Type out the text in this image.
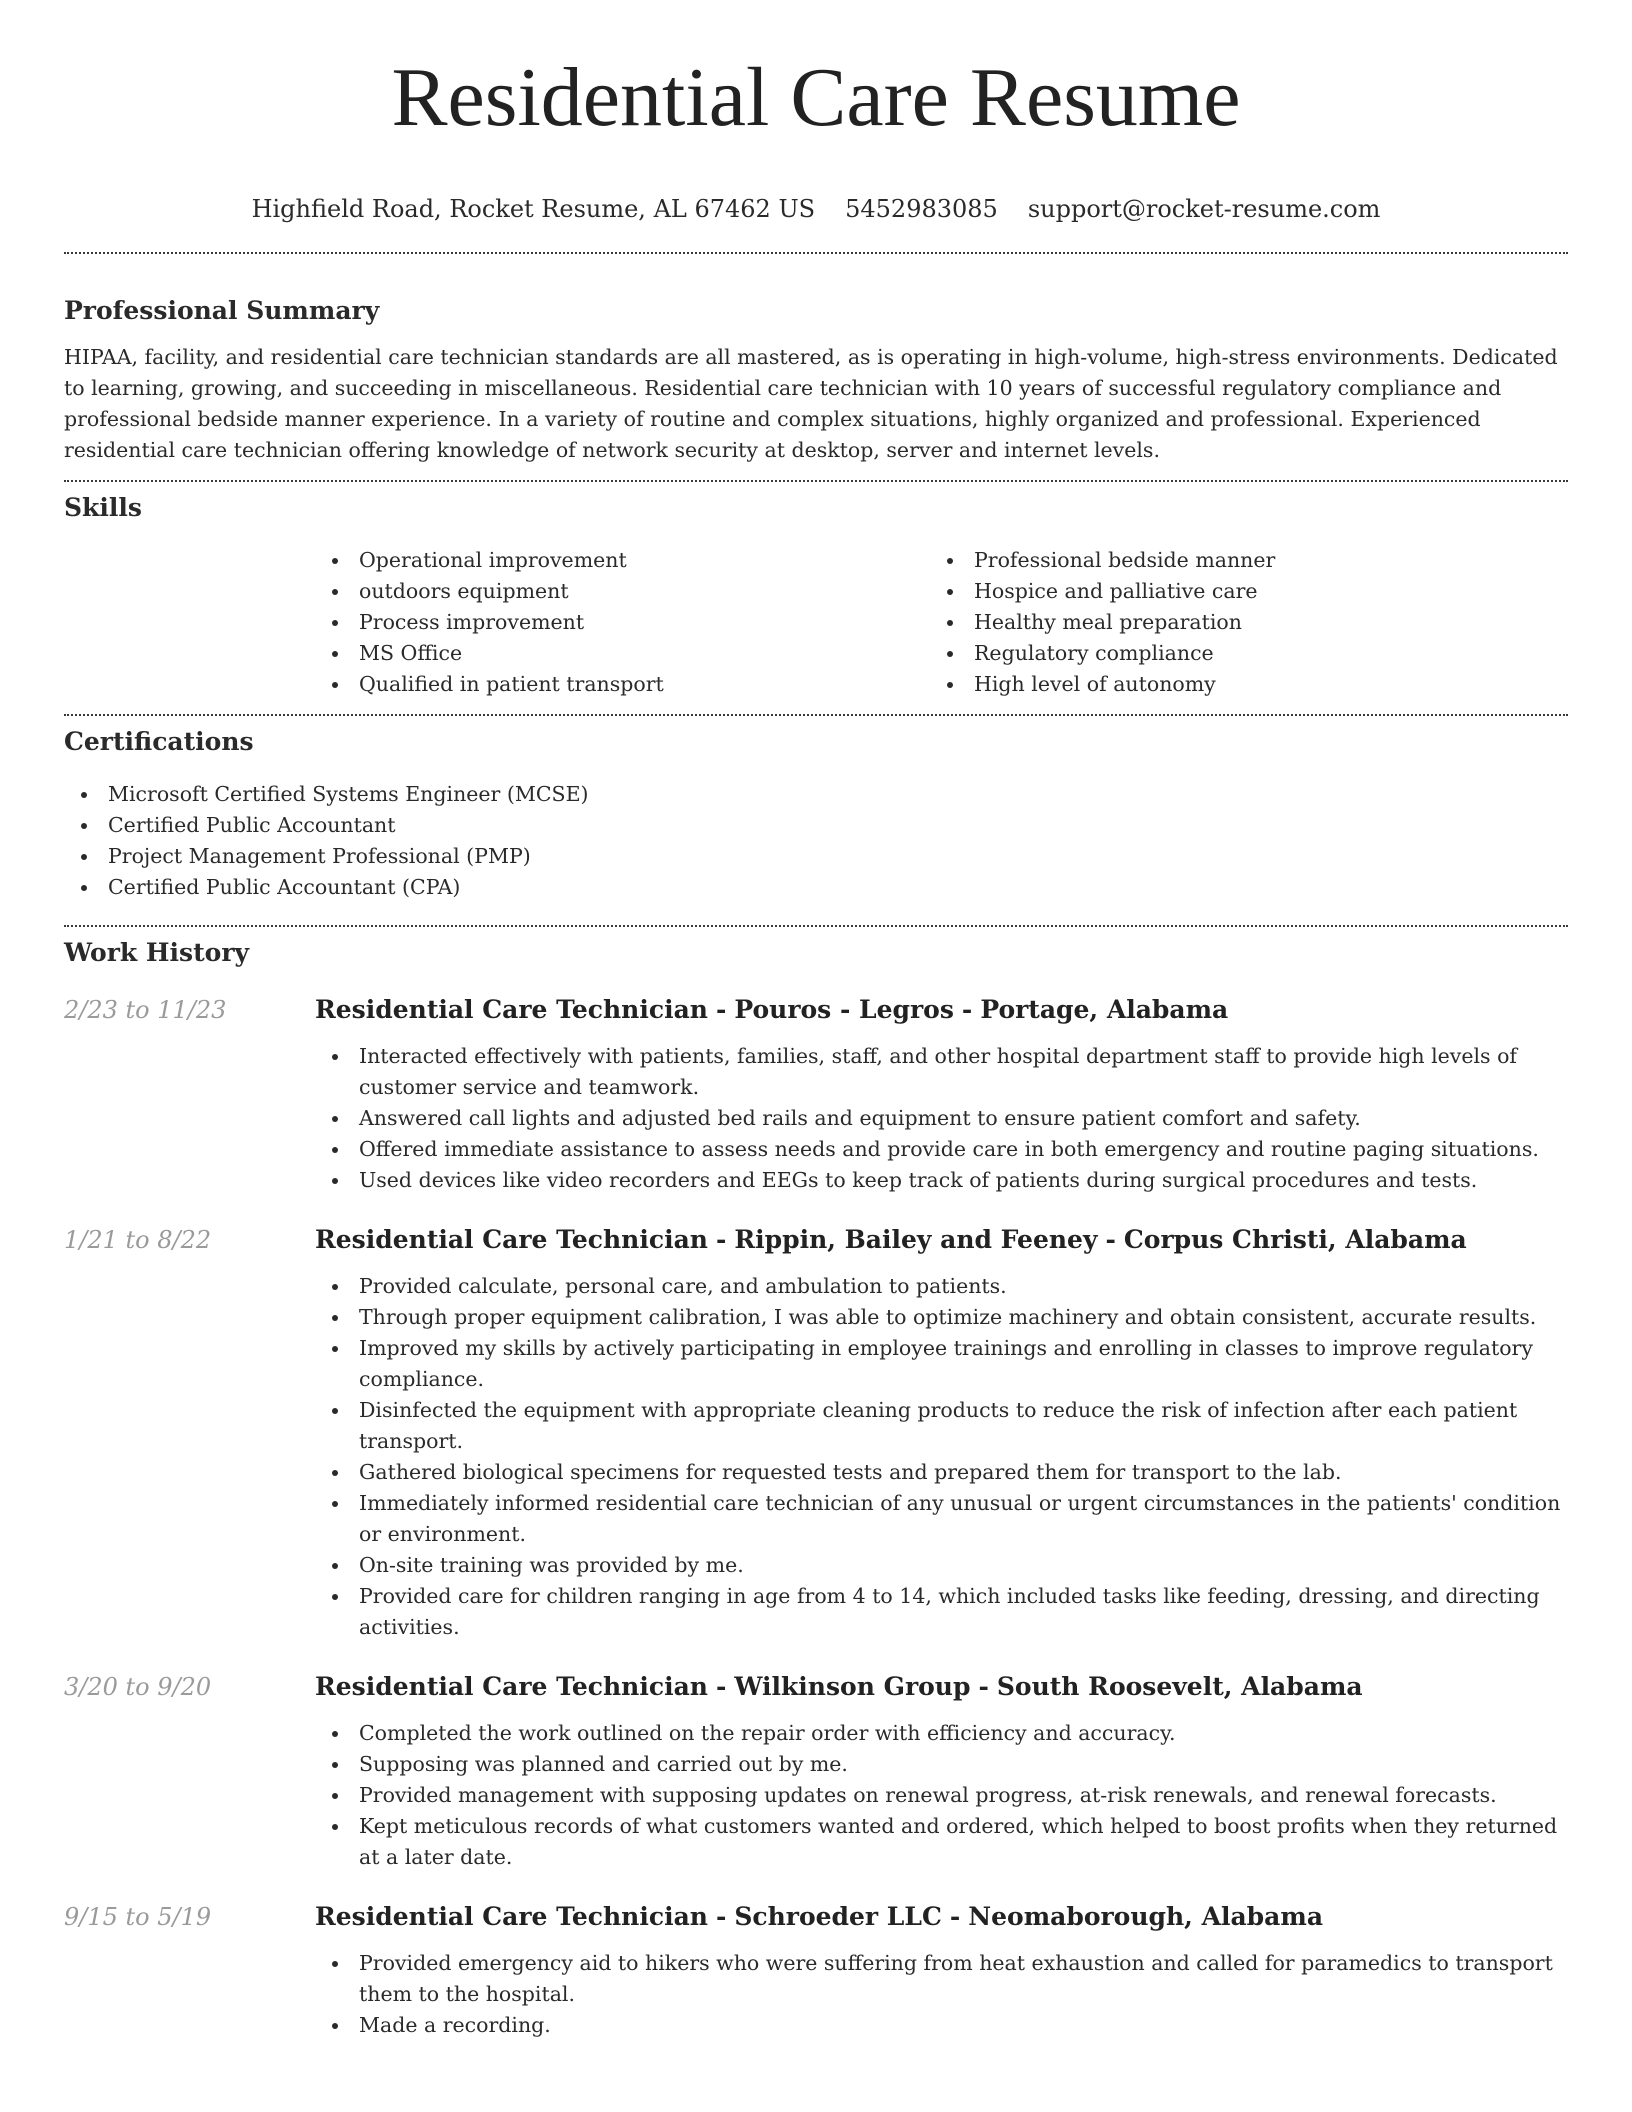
Residential Care Resume
Highfield Road, Rocket Resume, AL 67462 US 5452983085 support@rocket-resume.com
Professional Summary

HIPAA, facility, and residential care technician standards are all mastered, as is operating in high-volume, high-stress environments. Dedicated to learning, growing, and succeeding in miscellaneous. Residential care technician with 10 years of successful regulatory compliance and professional bedside manner experience. In a variety of routine and complex situations, highly organized and professional. Experienced residential care technician offering knowledge of network security at desktop, server and internet levels.

Skills
Operational improvement
outdoors equipment
Process improvement
MS Office
Qualified in patient transport
Professional bedside manner
Hospice and palliative care
Healthy meal preparation
Regulatory compliance
High level of autonomy
Certifications
Microsoft Certified Systems Engineer (MCSE)
Certified Public Accountant
Project Management Professional (PMP)
Certified Public Accountant (CPA)
Work History
2/23 to 11/23	Residential Care Technician - Pouros - Legros - Portage, Alabama
Interacted effectively with patients, families, staff, and other hospital department staff to provide high levels of customer service and teamwork.
Answered call lights and adjusted bed rails and equipment to ensure patient comfort and safety.
Offered immediate assistance to assess needs and provide care in both emergency and routine paging situations.
Used devices like video recorders and EEGs to keep track of patients during surgical procedures and tests.
1/21 to 8/22	Residential Care Technician - Rippin, Bailey and Feeney - Corpus Christi, Alabama
Provided calculate, personal care, and ambulation to patients.
Through proper equipment calibration, I was able to optimize machinery and obtain consistent, accurate results.
Improved my skills by actively participating in employee trainings and enrolling in classes to improve regulatory compliance.
Disinfected the equipment with appropriate cleaning products to reduce the risk of infection after each patient transport.
Gathered biological specimens for requested tests and prepared them for transport to the lab.
Immediately informed residential care technician of any unusual or urgent circumstances in the patients' condition or environment.
On-site training was provided by me.
Provided care for children ranging in age from 4 to 14, which included tasks like feeding, dressing, and directing activities.
3/20 to 9/20	Residential Care Technician - Wilkinson Group - South Roosevelt, Alabama
Completed the work outlined on the repair order with efficiency and accuracy.
Supposing was planned and carried out by me.
Provided management with supposing updates on renewal progress, at-risk renewals, and renewal forecasts.
Kept meticulous records of what customers wanted and ordered, which helped to boost profits when they returned at a later date.
9/15 to 5/19	Residential Care Technician - Schroeder LLC - Neomaborough, Alabama
Provided emergency aid to hikers who were suffering from heat exhaustion and called for paramedics to transport them to the hospital.
Made a recording.
